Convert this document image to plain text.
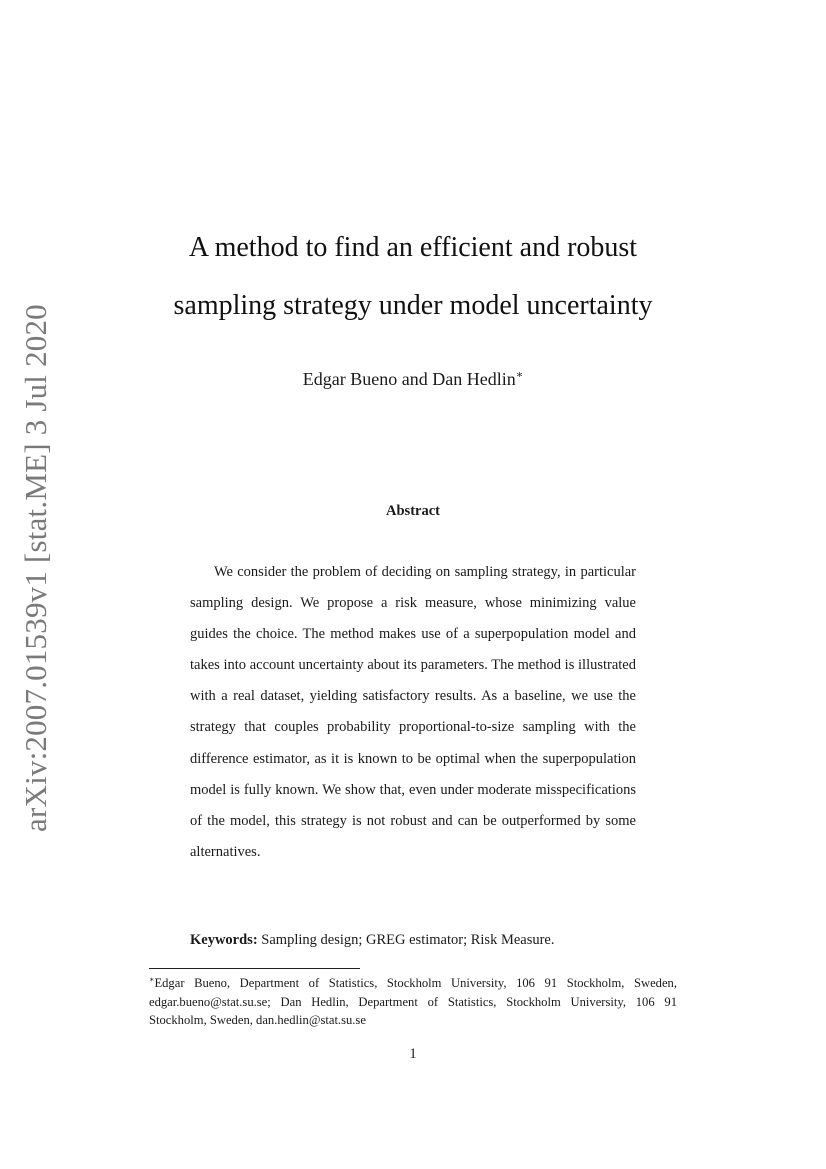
arXiv:2007.01539v1 [stat.ME] 3 Jul 2020
A method to find an efficient and robust
sampling strategy under model uncertainty
Edgar Bueno and Dan Hedlin∗
Abstract

We consider the problem of deciding on sampling strategy, in particular sampling design. We propose a risk measure, whose minimizing value guides the choice. The method makes use of a superpopulation model and takes into account uncertainty about its parameters. The method is illustrated with a real dataset, yielding satisfactory results. As a baseline, we use the strategy that couples probability proportional-to-size sampling with the difference estimator, as it is known to be optimal when the superpopulation model is fully known. We show that, even under moderate misspecifications of the model, this strategy is not robust and can be outperformed by some alternatives.

Keywords: Sampling design; GREG estimator; Risk Measure.

∗Edgar Bueno, Department of Statistics, Stockholm University, 106 91 Stockholm, Sweden, edgar.bueno@stat.su.se; Dan Hedlin, Department of Statistics, Stockholm University, 106 91 Stockholm, Sweden, dan.hedlin@stat.su.se

1
